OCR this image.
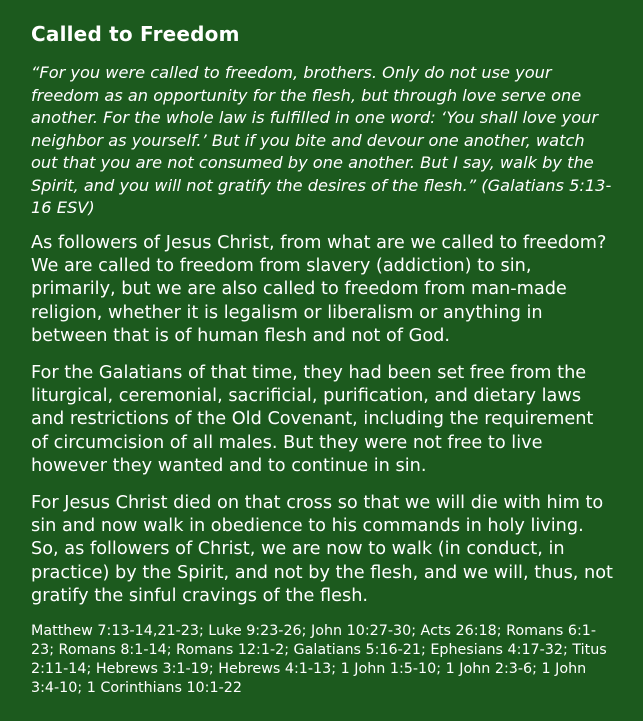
Called to Freedom

“For you were called to freedom, brothers. Only do not use your freedom as an opportunity for the flesh, but through love serve one another. For the whole law is fulfilled in one word: ‘You shall love your neighbor as yourself.’ But if you bite and devour one another, watch out that you are not consumed by one another. But I say, walk by the Spirit, and you will not gratify the desires of the flesh.” (Galatians 5:13-16 ESV)

As followers of Jesus Christ, from what are we called to freedom? We are called to freedom from slavery (addiction) to sin, primarily, but we are also called to freedom from man-made religion, whether it is legalism or liberalism or anything in between that is of human flesh and not of God.

For the Galatians of that time, they had been set free from the liturgical, ceremonial, sacrificial, purification, and dietary laws and restrictions of the Old Covenant, including the requirement of circumcision of all males. But they were not free to live however they wanted and to continue in sin.

For Jesus Christ died on that cross so that we will die with him to sin and now walk in obedience to his commands in holy living. So, as followers of Christ, we are now to walk (in conduct, in practice) by the Spirit, and not by the flesh, and we will, thus, not gratify the sinful cravings of the flesh.

Matthew 7:13-14,21-23; Luke 9:23-26; John 10:27-30; Acts 26:18; Romans 6:1-23; Romans 8:1-14; Romans 12:1-2; Galatians 5:16-21; Ephesians 4:17-32; Titus 2:11-14; Hebrews 3:1-19; Hebrews 4:1-13; 1 John 1:5-10; 1 John 2:3-6; 1 John 3:4-10; 1 Corinthians 10:1-22
